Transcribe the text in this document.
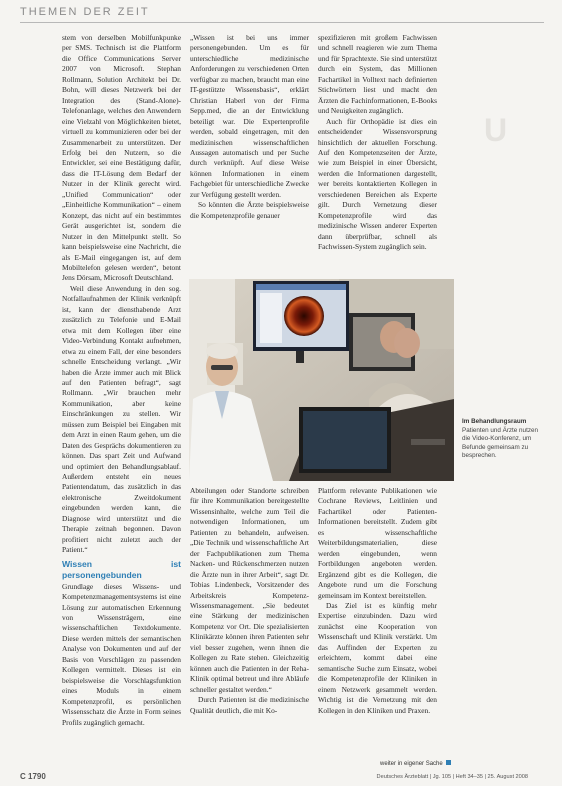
THEMEN DER ZEIT
U

stem von derselben Mobilfunkpunke per SMS. Technisch ist die Plattform die Office Communications Server 2007 von Microsoft. Stephan Rollmann, Solution Architekt bei Dr. Bohn, will dieses Netzwerk bei der Integration des (Stand-Alone)-Telefonanlage, welches den Anwendern eine Vielzahl von Möglichkeiten bietet, virtuell zu kommunizieren oder bei der Zusammenarbeit zu unterstützen. Der Erfolg bei den Nutzern, so die Entwickler, sei eine Bestätigung dafür, dass die IT-Lösung dem Bedarf der Nutzer in der Klinik gerecht wird. „Unified Communication“ oder „Einheitliche Kommunikation“ – einem Konzept, das nicht auf ein bestimmtes Gerät ausgerichtet ist, sondern die Nutzer in den Mittelpunkt stellt. So kann beispielsweise eine Nachricht, die als E-Mail eingegangen ist, auf dem Mobiltelefon gelesen werden“, betont Jens Dörsam, Microsoft Deutschland.

Weil diese Anwendung in den sog. Notfallaufnahmen der Klinik verknüpft ist, kann der diensthabende Arzt zusätzlich zu Telefonie und E-Mail etwa mit dem Kollegen über eine Video-Verbindung Kontakt aufnehmen, etwa zu einem Fall, der eine besonders schnelle Entscheidung verlangt. „Wir haben die Ärzte immer auch mit Blick auf den Patienten befragt“, sagt Rollmann. „Wir brauchen mehr Kommunikation, aber keine Einschränkungen zu stellen. Wir müssen zum Beispiel bei Eingaben mit dem Arzt in einen Raum gehen, um die Daten des Gesprächs dokumentieren zu können. Das spart Zeit und Aufwand und optimiert den Behandlungsablauf. Außerdem entsteht ein neues Patientendatum, das zusätzlich in das elektronische Zweitdokument eingebunden werden kann, die Diagnose wird unterstützt und die Therapie zeitnah begonnen. Davon profitiert nicht zuletzt auch der Patient.“

Wissen ist personengebunden

Grundlage dieses Wissens- und Kompetenzmanagementsystems ist eine Lösung zur automatischen Erkennung von Wissensträgern, eine wissenschaftlichen Textdokumente. Diese werden mittels der semantischen Analyse von Dokumenten und auf der Basis von Vorschlägen zu passenden Kollegen vermittelt. Dieses ist ein beispielsweise die Vorschlagsfunktion eines Moduls in einem Kompetenzprofil, es persönlichen Wissensschatz die Ärzte in Form seines Profils zugänglich gemacht.

„Wissen ist bei uns immer personengebunden. Um es für unterschiedliche medizinische Anforderungen zu verschiedenen Orten verfügbar zu machen, braucht man eine IT-gestützte Wissensbasis“, erklärt Christian Haberl von der Firma Sepp.med, die an der Entwicklung beteiligt war. Die Expertenprofile werden, sobald eingetragen, mit den medizinischen wissenschaftlichen Aussagen automatisch und per Suche durch verknüpft. Auf diese Weise können Informationen in einem Fachgebiet für unterschiedliche Zwecke zur Verfügung gestellt werden.

So könnten die Ärzte beispielsweise die Kompetenzprofile genauer

spezifizieren mit großem Fachwissen und schnell reagieren wie zum Thema und für Sprachtexte. Sie sind unterstützt durch ein System, das Millionen Fachartikel in Volltext nach definierten Stichwörtern liest und macht den Ärzten die Fachinformationen, E-Books und Neuigkeiten zugänglich.

Auch für Orthopädie ist dies ein entscheidender Wissensvorsprung hinsichtlich der aktuellen Forschung. Auf den Kompetenzseiten der Ärzte, wie zum Beispiel in einer Übersicht, werden die Informationen dargestellt, wer bereits kontaktierten Kollegen in verschiedenen Bereichen als Experte gilt. Durch Vernetzung dieser Kompetenzprofile wird das medizinische Wissen anderer Experten dann überprüfbar, schnell als Fachwissen-System zugänglich sein.

Im Behandlungsraum Patienten und Ärzte nutzen die Video-Konferenz, um Befunde gemeinsam zu besprechen.

Abteilungen oder Standorte schreiben für ihre Kommunikation bereitgestellte Wissensinhalte, welche zum Teil die notwendigen Informationen, um Patienten zu behandeln, aufweisen. „Die Technik und wissenschaftliche Art der Fachpublikationen zum Thema Nacken- und Rückenschmerzen nutzen die Ärzte nun in ihrer Arbeit“, sagt Dr. Tobias Lindenbeck, Vorsitzender des Arbeitskreis Kompetenz-Wissensmanagement. „Sie bedeutet eine Stärkung der medizinischen Kompetenz vor Ort. Die spezialisierten Klinikärzte können ihren Patienten sehr viel besser zugehen, wenn ihnen die Kollegen zu Rate stehen. Gleichzeitig können auch die Patienten in der Reha-Klinik optimal betreut und ihre Abläufe schneller gestaltet werden.“

Durch Patienten ist die medizinische Qualität deutlich, die mit Ko-

Plattform relevante Publikationen wie Cochrane Reviews, Leitlinien und Fachartikel oder Patienten-Informationen bereitstellt. Zudem gibt es wissenschaftliche Weiterbildungsmaterialien, diese werden eingebunden, wenn Fortbildungen angeboten werden. Ergänzend gibt es die Kollegen, die Angebote rund um die Forschung gemeinsam im Kontext bereitstellen.

Das Ziel ist es künftig mehr Expertise einzubinden. Dazu wird zunächst eine Kooperation von Wissenschaft und Klinik verstärkt. Um das Auffinden der Experten zu erleichtern, kommt dabei eine semantische Suche zum Einsatz, wobei die Kompetenzprofile der Kliniken in einem Netzwerk gesammelt werden. Wichtig ist die Vernetzung mit den Kollegen in den Kliniken und Praxen.

weiter in eigener Sache
C 1790	Deutsches Ärzteblatt | Jg. 105 | Heft 34–35 | 25. August 2008
